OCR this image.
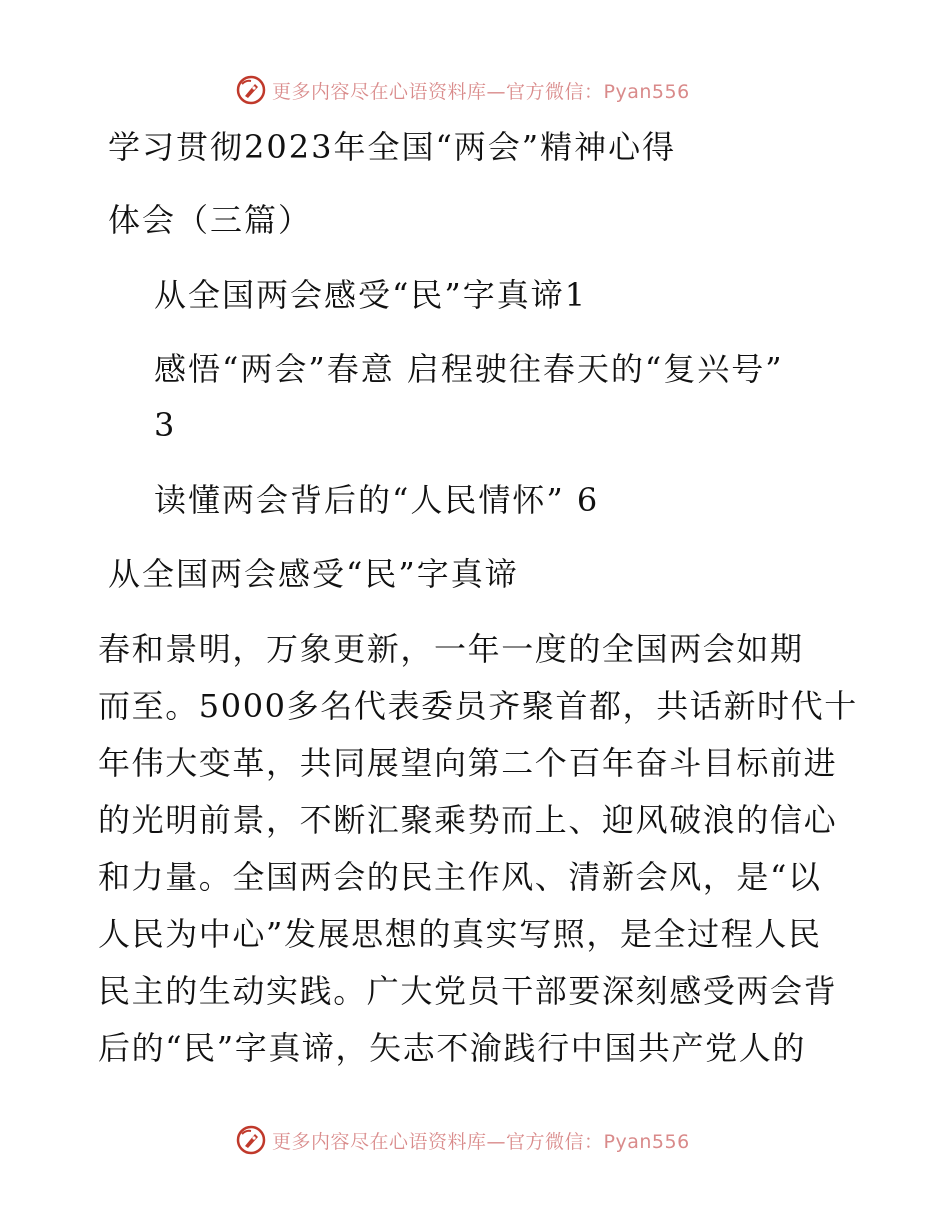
更多内容尽在心语资料库—官方微信：Pyan556
学习贯彻2023年全国“两会”精神心得
体会（三篇）
从全国两会感受“民”字真谛1
感悟“两会”春意 启程驶往春天的“复兴号”
3
读懂两会背后的“人民情怀” 6
从全国两会感受“民”字真谛
春和景明，万象更新，一年一度的全国两会如期
而至。5000多名代表委员齐聚首都，共话新时代十
年伟大变革，共同展望向第二个百年奋斗目标前进
的光明前景，不断汇聚乘势而上、迎风破浪的信心
和力量。全国两会的民主作风、清新会风，是“以
人民为中心”发展思想的真实写照，是全过程人民
民主的生动实践。广大党员干部要深刻感受两会背
后的“民”字真谛，矢志不渝践行中国共产党人的
更多内容尽在心语资料库—官方微信：Pyan556
